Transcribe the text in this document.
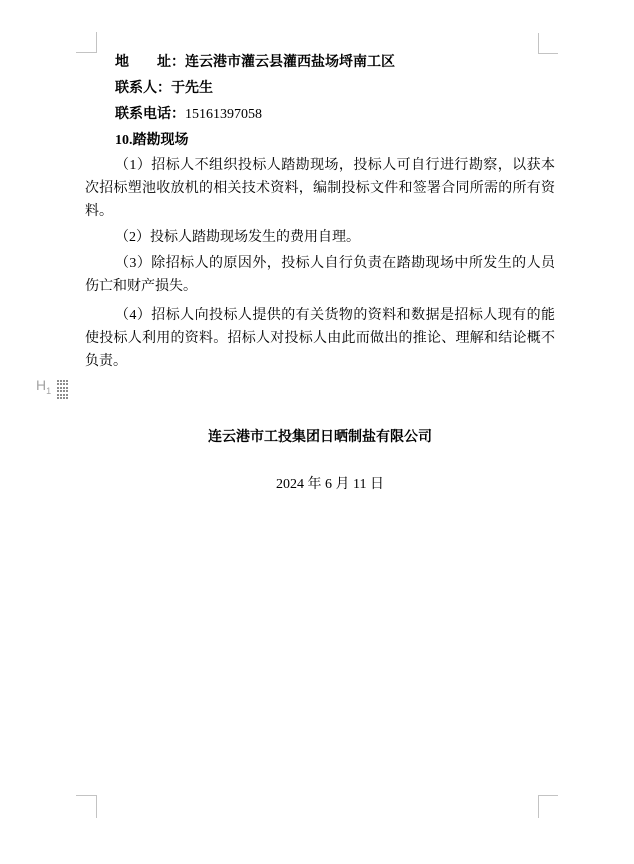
$H_1$

地　　址：连云港市灌云县灌西盐场埒南工区

联系人：于先生

联系电话：15161397058

10.踏勘现场

（1）招标人不组织投标人踏勘现场，投标人可自行进行勘察，以获本次招标塑池收放机的相关技术资料，编制投标文件和签署合同所需的所有资料。

（2）投标人踏勘现场发生的费用自理。

（3）除招标人的原因外，投标人自行负责在踏勘现场中所发生的人员伤亡和财产损失。

（4）招标人向投标人提供的有关货物的资料和数据是招标人现有的能使投标人利用的资料。招标人对投标人由此而做出的推论、理解和结论概不负责。

连云港市工投集团日晒制盐有限公司
2024 年 6 月 11 日
